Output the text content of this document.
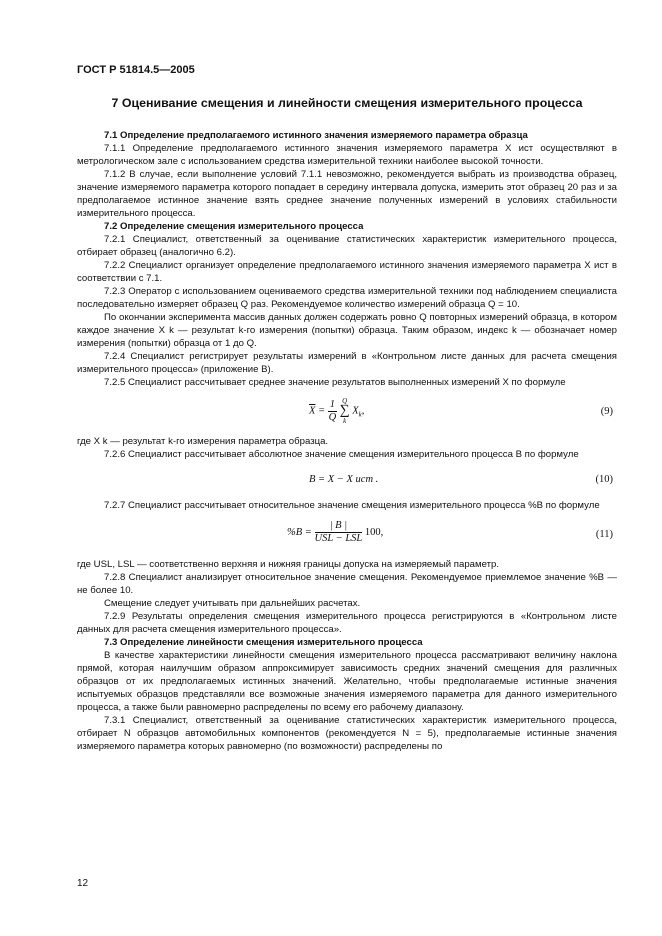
ГОСТ Р 51814.5—2005
7 Оценивание смещения и линейности смещения измерительного процесса

7.1 Определение предполагаемого истинного значения измеряемого параметра образца

7.1.1 Определение предполагаемого истинного значения измеряемого параметра X ист осуществляют в метрологическом зале с использованием средства измерительной техники наиболее высокой точности.

7.1.2 В случае, если выполнение условий 7.1.1 невозможно, рекомендуется выбрать из производства образец, значение измеряемого параметра которого попадает в середину интервала допуска, измерить этот образец 20 раз и за предполагаемое истинное значение взять среднее значение полученных измерений в условиях стабильности измерительного процесса.

7.2 Определение смещения измерительного процесса

7.2.1 Специалист, ответственный за оценивание статистических характеристик измерительного процесса, отбирает образец (аналогично 6.2).

7.2.2 Специалист организует определение предполагаемого истинного значения измеряемого параметра X ист в соответствии с 7.1.

7.2.3 Оператор с использованием оцениваемого средства измерительной техники под наблюдением специалиста последовательно измеряет образец Q раз. Рекомендуемое количество измерений образца Q = 10.

По окончании эксперимента массив данных должен содержать ровно Q повторных измерений образца, в котором каждое значение X k — результат k-го измерения (попытки) образца. Таким образом, индекс k — обозначает номер измерения (попытки) образца от 1 до Q.

7.2.4 Специалист регистрирует результаты измерений в «Контрольном листе данных для расчета смещения измерительного процесса» (приложение В).

7.2.5 Специалист рассчитывает среднее значение результатов выполненных измерений X по формуле

$\overline{X} = \frac{1}{Q}$
Q
∑
k
$X_k$,	(9)

где X k — результат k-го измерения параметра образца.

7.2.6 Специалист рассчитывает абсолютное значение смещения измерительного процесса B по формуле

B = X − X ист .	(10)

7.2.7 Специалист рассчитывает относительное значение смещения измерительного процесса %B по формуле

$\%B = \frac{| B |}{\text{USL − LSL}} 100$,	(11)

где USL, LSL — соответственно верхняя и нижняя границы допуска на измеряемый параметр.

7.2.8 Специалист анализирует относительное значение смещения. Рекомендуемое приемлемое значение %B — не более 10.

Смещение следует учитывать при дальнейших расчетах.

7.2.9 Результаты определения смещения измерительного процесса регистрируются в «Контрольном листе данных для расчета смещения измерительного процесса».

7.3 Определение линейности смещения измерительного процесса

В качестве характеристики линейности смещения измерительного процесса рассматривают величину наклона прямой, которая наилучшим образом аппроксимирует зависимость средних значений смещения для различных образцов от их предполагаемых истинных значений. Желательно, чтобы предполагаемые истинные значения испытуемых образцов представляли все возможные значения измеряемого параметра для данного измерительного процесса, а также были равномерно распределены по всему его рабочему диапазону.

7.3.1 Специалист, ответственный за оценивание статистических характеристик измерительного процесса, отбирает N образцов автомобильных компонентов (рекомендуется N = 5), предполагаемые истинные значения измеряемого параметра которых равномерно (по возможности) распределены по

12
